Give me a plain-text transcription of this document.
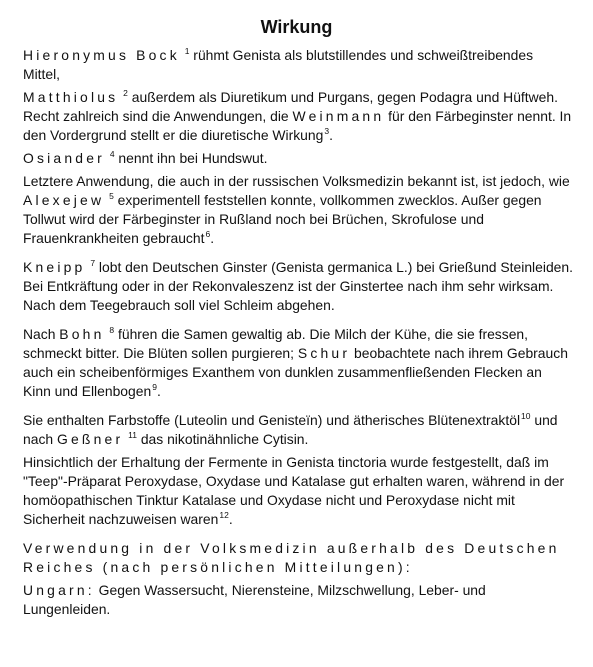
Wirkung

Hieronymus Bock $^1$ rühmt Genista als blutstillendes und schweißtreibendes Mittel,

Matthiolus $^2$ außerdem als Diuretikum und Purgans, gegen Podagra und Hüftweh. Recht zahlreich sind die Anwendungen, die Weinmann für den Färbeginster nennt. In den Vordergrund stellt er die diuretische Wirkung$^3$.

Osiander $^4$ nennt ihn bei Hundswut.

Letztere Anwendung, die auch in der russischen Volksmedizin bekannt ist, ist jedoch, wie Alexejew $^5$ experimentell feststellen konnte, vollkommen zwecklos. Außer gegen Tollwut wird der Färbeginster in Rußland noch bei Brüchen, Skrofulose und Frauenkrankheiten gebraucht$^6$.

Kneipp $^7$ lobt den Deutschen Ginster (Genista germanica L.) bei Grießund Steinleiden. Bei Entkräftung oder in der Rekonvaleszenz ist der Ginstertee nach ihm sehr wirksam. Nach dem Teegebrauch soll viel Schleim abgehen.

Nach Bohn $^8$ führen die Samen gewaltig ab. Die Milch der Kühe, die sie fressen, schmeckt bitter. Die Blüten sollen purgieren; Schur beobachtete nach ihrem Gebrauch auch ein scheibenförmiges Exanthem von dunklen zusammenfließenden Flecken an Kinn und Ellenbogen$^9$.

Sie enthalten Farbstoffe (Luteolin und Genisteïn) und ätherisches Blütenextraktöl$^{10}$ und nach Geßner $^{11}$ das nikotinähnliche Cytisin.

Hinsichtlich der Erhaltung der Fermente in Genista tinctoria wurde festgestellt, daß im "Teep"-Präparat Peroxydase, Oxydase und Katalase gut erhalten waren, während in der homöopathischen Tinktur Katalase und Oxydase nicht und Peroxydase nicht mit Sicherheit nachzuweisen waren$^{12}$.

Verwendung in der Volksmedizin außerhalb des Deutschen Reiches (nach persönlichen Mitteilungen):

Ungarn: Gegen Wassersucht, Nierensteine, Milzschwellung, Leber- und Lungenleiden.
